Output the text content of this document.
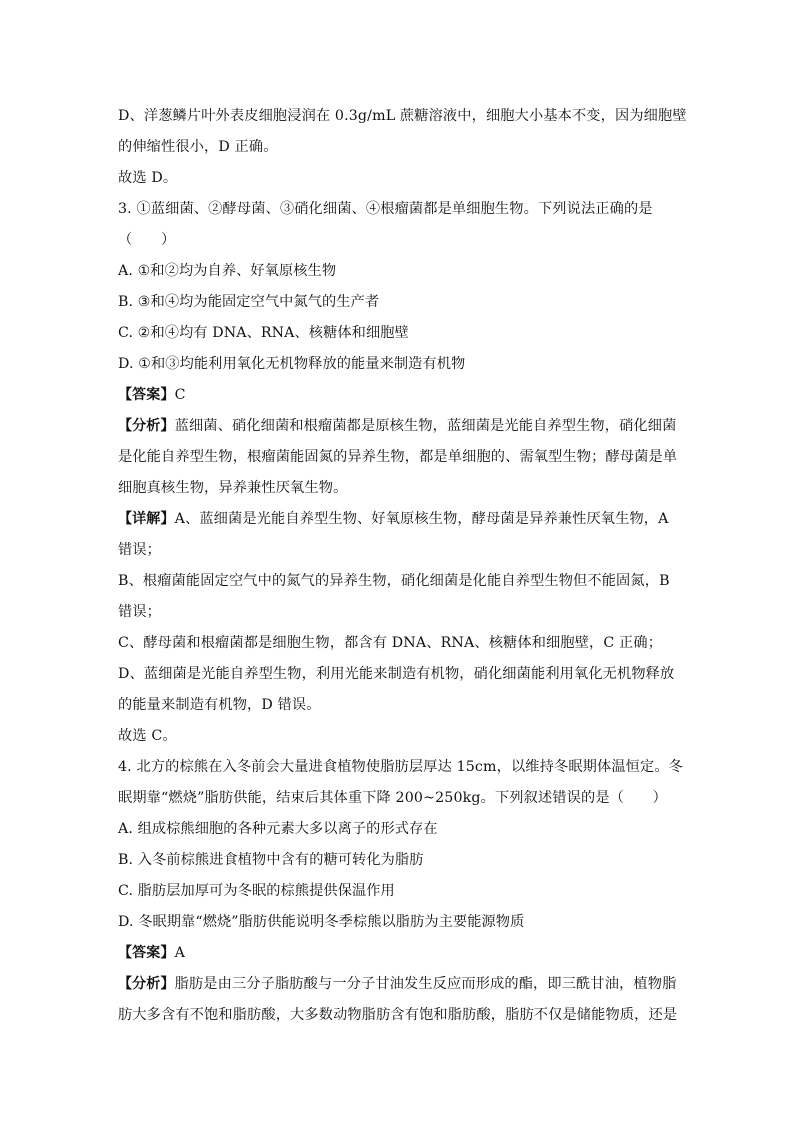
D、洋葱鳞片叶外表皮细胞浸润在 0.3g/mL 蔗糖溶液中，细胞大小基本不变，因为细胞壁
的伸缩性很小，D 正确。
故选 D。
3. ①蓝细菌、②酵母菌、③硝化细菌、④根瘤菌都是单细胞生物。下列说法正确的是
（　　）
A. ①和②均为自养、好氧原核生物
B. ③和④均为能固定空气中氮气的生产者
C. ②和④均有 DNA、RNA、核糖体和细胞壁
D. ①和③均能利用氧化无机物释放的能量来制造有机物
【答案】C
【分析】蓝细菌、硝化细菌和根瘤菌都是原核生物，蓝细菌是光能自养型生物，硝化细菌
是化能自养型生物，根瘤菌能固氮的异养生物，都是单细胞的、需氧型生物；酵母菌是单
细胞真核生物，异养兼性厌氧生物。
【详解】A、蓝细菌是光能自养型生物、好氧原核生物，酵母菌是异养兼性厌氧生物，A
错误；
B、根瘤菌能固定空气中的氮气的异养生物，硝化细菌是化能自养型生物但不能固氮，B
错误；
C、酵母菌和根瘤菌都是细胞生物，都含有 DNA、RNA、核糖体和细胞壁，C 正确；
D、蓝细菌是光能自养型生物，利用光能来制造有机物，硝化细菌能利用氧化无机物释放
的能量来制造有机物，D 错误。
故选 C。
4. 北方的棕熊在入冬前会大量进食植物使脂肪层厚达 15cm，以维持冬眠期体温恒定。冬
眠期靠“燃烧”脂肪供能，结束后其体重下降 200~250kg。下列叙述错误的是（　　）
A. 组成棕熊细胞的各种元素大多以离子的形式存在
B. 入冬前棕熊进食植物中含有的糖可转化为脂肪
C. 脂肪层加厚可为冬眠的棕熊提供保温作用
D. 冬眠期靠“燃烧”脂肪供能说明冬季棕熊以脂肪为主要能源物质
【答案】A
【分析】脂肪是由三分子脂肪酸与一分子甘油发生反应而形成的酯，即三酰甘油，植物脂
肪大多含有不饱和脂肪酸，大多数动物脂肪含有饱和脂肪酸，脂肪不仅是储能物质，还是
